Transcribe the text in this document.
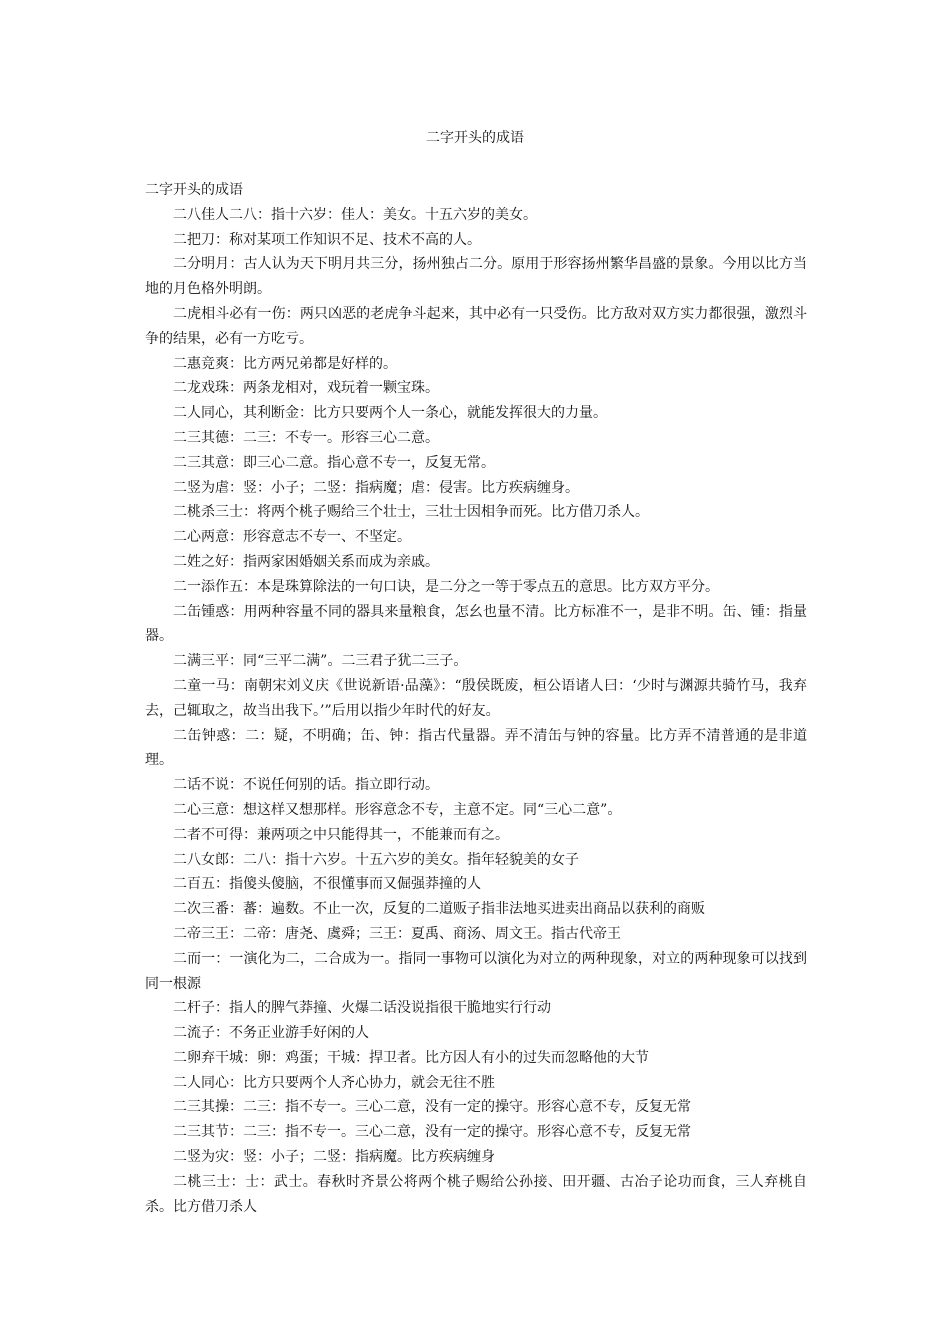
二字开头的成语

二字开头的成语

二八佳人二八：指十六岁：佳人：美女。十五六岁的美女。
二把刀：称对某项工作知识不足、技术不高的人。
二分明月：古人认为天下明月共三分，扬州独占二分。原用于形容扬州繁华昌盛的景象。今用以比方当地的月色格外明朗。
二虎相斗必有一伤：两只凶恶的老虎争斗起来，其中必有一只受伤。比方敌对双方实力都很强，激烈斗争的结果，必有一方吃亏。
二惠竞爽：比方两兄弟都是好样的。
二龙戏珠：两条龙相对，戏玩着一颗宝珠。
二人同心，其利断金：比方只要两个人一条心，就能发挥很大的力量。
二三其德：二三：不专一。形容三心二意。
二三其意：即三心二意。指心意不专一，反复无常。
二竖为虐：竖：小子；二竖：指病魔；虐：侵害。比方疾病缠身。
二桃杀三士：将两个桃子赐给三个壮士，三壮士因相争而死。比方借刀杀人。
二心两意：形容意志不专一、不坚定。
二姓之好：指两家困婚姻关系而成为亲戚。
二一添作五：本是珠算除法的一句口诀，是二分之一等于零点五的意思。比方双方平分。
二缶锺惑：用两种容量不同的器具来量粮食，怎幺也量不清。比方标准不一，是非不明。缶、锺：指量器。
二满三平：同“三平二满”。二三君子犹二三子。
二童一马：南朝宋刘义庆《世说新语·品藻》：“殷侯既废，桓公语诸人曰：‘少时与渊源共骑竹马，我弃去，己辄取之，故当出我下。’”后用以指少年时代的好友。
二缶钟惑：二：疑，不明确；缶、钟：指古代量器。弄不清缶与钟的容量。比方弄不清普通的是非道理。
二话不说：不说任何别的话。指立即行动。
二心三意：想这样又想那样。形容意念不专，主意不定。同“三心二意”。
二者不可得：兼两项之中只能得其一，不能兼而有之。
二八女郎：二八：指十六岁。十五六岁的美女。指年轻貌美的女子
二百五：指傻头傻脑，不很懂事而又倔强莽撞的人
二次三番：蕃：遍数。不止一次，反复的二道贩子指非法地买进卖出商品以获利的商贩
二帝三王：二帝：唐尧、虞舜；三王：夏禹、商汤、周文王。指古代帝王
二而一：一演化为二，二合成为一。指同一事物可以演化为对立的两种现象，对立的两种现象可以找到同一根源
二杆子：指人的脾气莽撞、火爆二话没说指很干脆地实行行动
二流子：不务正业游手好闲的人
二卵弃干城：卵：鸡蛋；干城：捍卫者。比方因人有小的过失而忽略他的大节
二人同心：比方只要两个人齐心协力，就会无往不胜
二三其操：二三：指不专一。三心二意，没有一定的操守。形容心意不专，反复无常
二三其节：二三：指不专一。三心二意，没有一定的操守。形容心意不专，反复无常
二竖为灾：竖：小子；二竖：指病魔。比方疾病缠身
二桃三士：士：武士。春秋时齐景公将两个桃子赐给公孙接、田开疆、古冶子论功而食，三人弃桃自杀。比方借刀杀人
